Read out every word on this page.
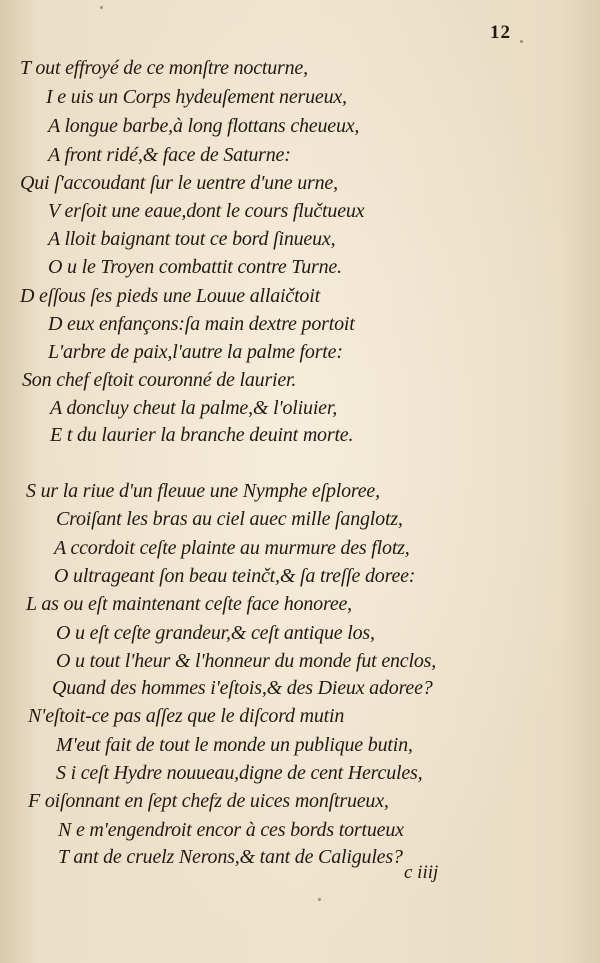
12
T out effroyé de ce monſtre nocturne,
I e uis un Corps hydeuſement nerueux,
A longue barbe,à long flottans cheueux,
A front ridé,& face de Saturne:
Qui ſ'accoudant ſur le uentre d'une urne,
V erſoit une eaue,dont le cours flučtueux
A lloit baignant tout ce bord ſinueux,
O u le Troyen combattit contre Turne.
D eſſous ſes pieds une Louue allaičtoit
D eux enfançons:ſa main dextre portoit
L'arbre de paix,l'autre la palme forte:
Son chef eſtoit couronné de laurier.
A doncluy cheut la palme,& l'oliuier,
E t du laurier la branche deuint morte.
S ur la riue d'un fleuue une Nymphe eſploree,
Croiſant les bras au ciel auec mille ſanglotz,
A ccordoit ceſte plainte au murmure des flotz,
O ultrageant ſon beau teinčt,& ſa treſſe doree:
L as ou eſt maintenant ceſte face honoree,
O u eſt ceſte grandeur,& ceſt antique los,
O u tout l'heur & l'honneur du monde fut enclos,
Quand des hommes i'eſtois,& des Dieux adoree?
N'eſtoit-ce pas aſſez que le diſcord mutin
M'eut fait de tout le monde un publique butin,
S i ceſt Hydre nouueau,digne de cent Hercules,
F oiſonnant en ſept chefz de uices monſtrueux,
N e m'engendroit encor à ces bords tortueux
T ant de cruelz Nerons,& tant de Caligules?
c iiij
